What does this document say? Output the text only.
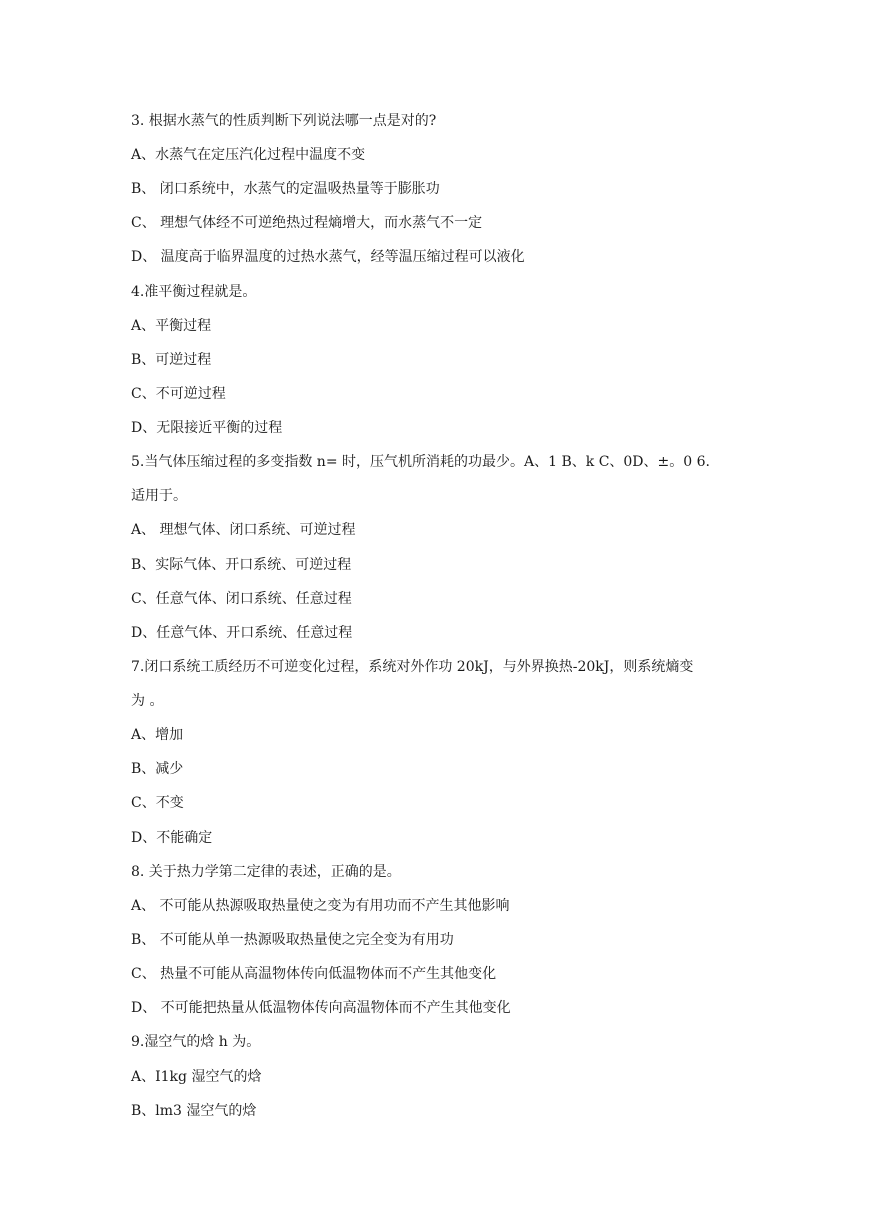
3. 根据水蒸气的性质判断下列说法哪一点是对的?
A、水蒸气在定压汽化过程中温度不变
B、 闭口系统中，水蒸气的定温吸热量等于膨胀功
C、 理想气体经不可逆绝热过程熵增大，而水蒸气不一定
D、 温度高于临界温度的过热水蒸气，经等温压缩过程可以液化
4.准平衡过程就是。
A、平衡过程
B、可逆过程
C、不可逆过程
D、无限接近平衡的过程
5.当气体压缩过程的多变指数 n= 时，压气机所消耗的功最少。A、1 B、k C、0D、±。0 6.
适用于。
A、 理想气体、闭口系统、可逆过程
B、实际气体、开口系统、可逆过程
C、任意气体、闭口系统、任意过程
D、任意气体、开口系统、任意过程
7.闭口系统工质经历不可逆变化过程，系统对外作功 20kJ，与外界换热-20kJ，则系统熵变
为 。
A、增加
B、减少
C、不变
D、不能确定
8. 关于热力学第二定律的表述，正确的是。
A、 不可能从热源吸取热量使之变为有用功而不产生其他影响
B、 不可能从单一热源吸取热量使之完全变为有用功
C、 热量不可能从高温物体传向低温物体而不产生其他变化
D、 不可能把热量从低温物体传向高温物体而不产生其他变化
9.湿空气的焓 h 为。
A、I1kg 湿空气的焓
B、lm3 湿空气的焓
